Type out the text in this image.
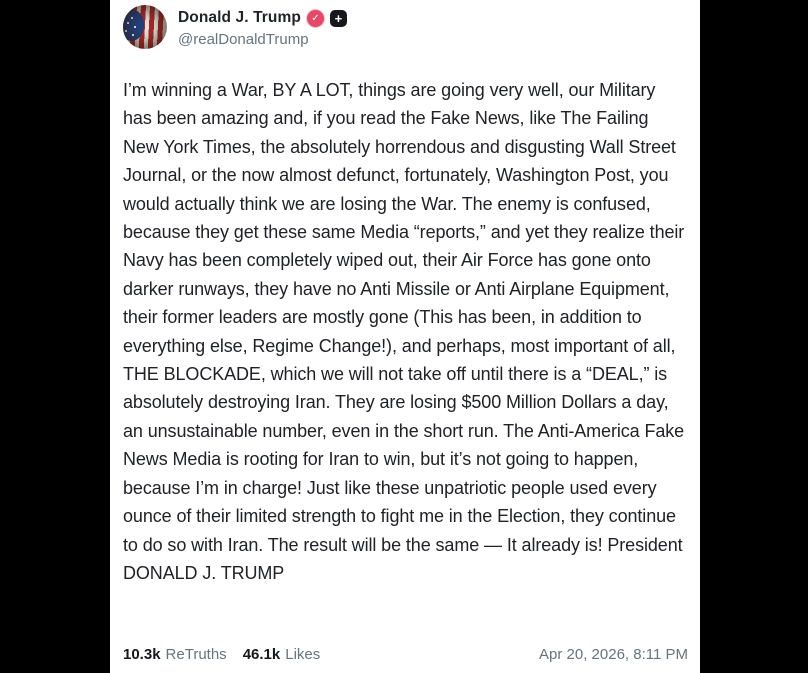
Donald J. Trump	✓	+
@realDonaldTrump
I’m winning a War, BY A LOT, things are going very well, our Military has been amazing and, if you read the Fake News, like The Failing New York Times, the absolutely horrendous and disgusting Wall Street Journal, or the now almost defunct, fortunately, Washington Post, you would actually think we are losing the War. The enemy is confused, because they get these same Media “reports,” and yet they realize their Navy has been completely wiped out, their Air Force has gone onto darker runways, they have no Anti Missile or Anti Airplane Equipment, their former leaders are mostly gone (This has been, in addition to everything else, Regime Change!), and perhaps, most important of all, THE BLOCKADE, which we will not take off until there is a “DEAL,” is absolutely destroying Iran. They are losing $500 Million Dollars a day, an unsustainable number, even in the short run. The Anti-America Fake News Media is rooting for Iran to win, but it’s not going to happen, because I’m in charge! Just like these unpatriotic people used every ounce of their limited strength to fight me in the Election, they continue to do so with Iran. The result will be the same — It already is! President DONALD J. TRUMP
10.3k ReTruths 46.1k Likes	Apr 20, 2026, 8:11 PM
